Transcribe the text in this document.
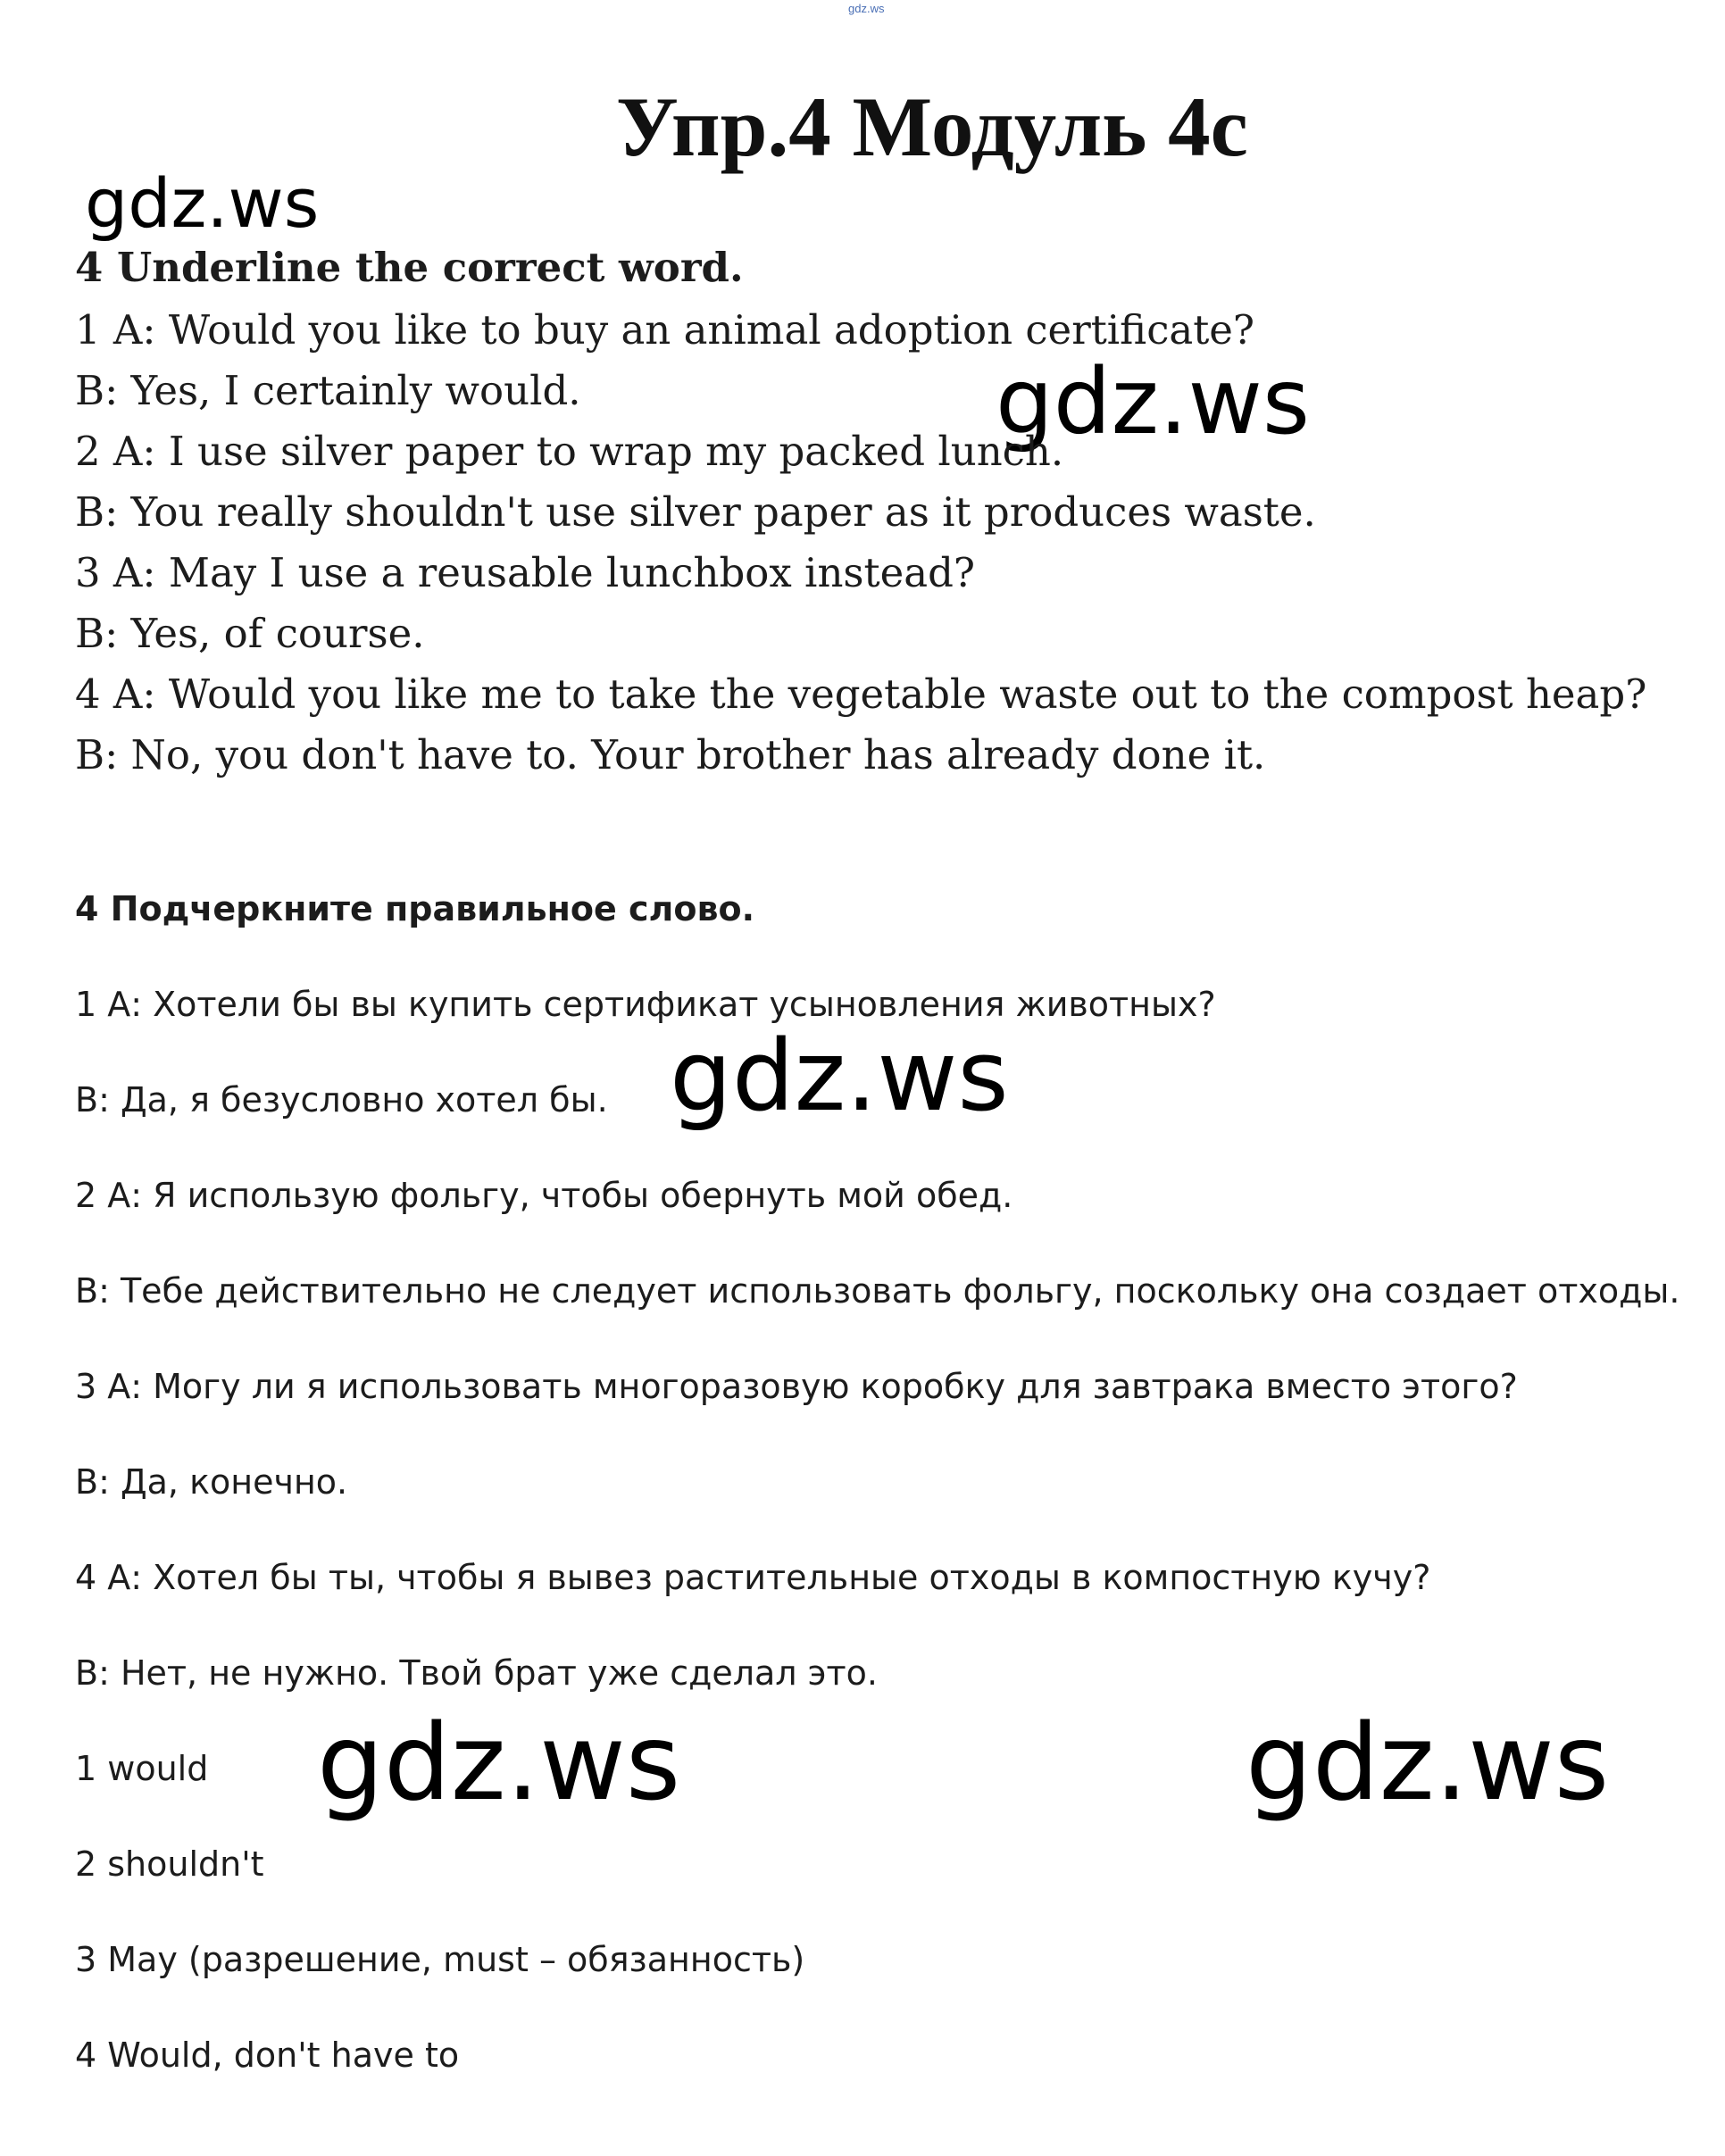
gdz.ws
Упр.4 Модуль 4с
gdz.ws
gdz.ws
gdz.ws
gdz.ws	gdz.ws
4 Underline the correct word.
1 A: Would you like to buy an animal adoption certificate?
B: Yes, I certainly would.
2 A: I use silver paper to wrap my packed lunch.
B: You really shouldn't use silver paper as it produces waste.
3 A: May I use a reusable lunchbox instead?
B: Yes, of course.
4 A: Would you like me to take the vegetable waste out to the compost heap?
B: No, you don't have to. Your brother has already done it.
4 Подчеркните правильное слово.
1 А: Хотели бы вы купить сертификат усыновления животных?
B: Да, я безусловно хотел бы.
2 А: Я использую фольгу, чтобы обернуть мой обед.
B: Тебе действительно не следует использовать фольгу, поскольку она создает отходы.
3 А: Могу ли я использовать многоразовую коробку для завтрака вместо этого?
B: Да, конечно.
4 А: Хотел бы ты, чтобы я вывез растительные отходы в компостную кучу?
B: Нет, не нужно. Твой брат уже сделал это.
1 would
2 shouldn't
3 May (разрешение, must – обязанность)
4 Would, don't have to
